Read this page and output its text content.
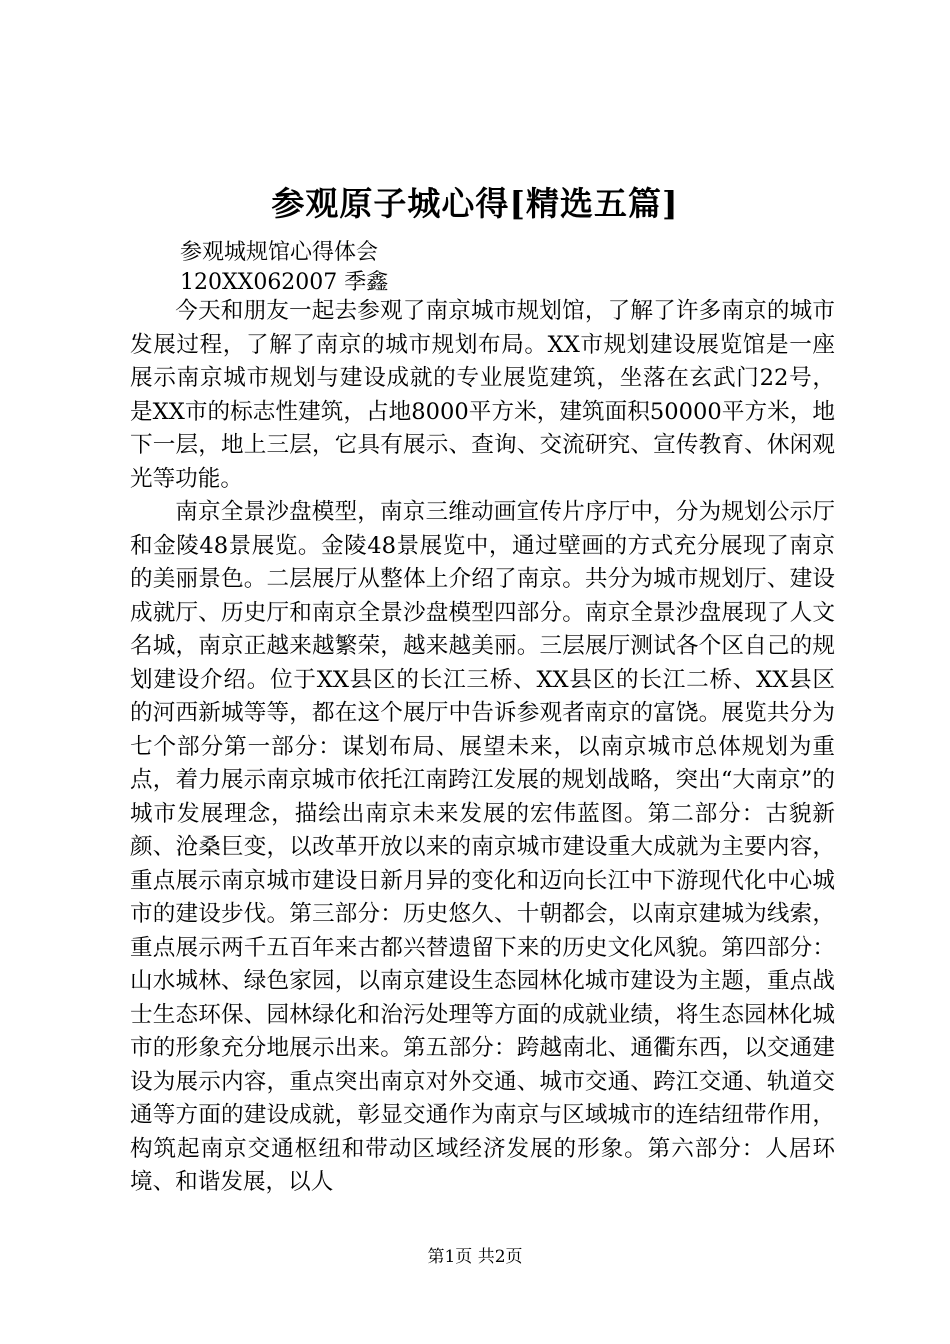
参观原子城心得[精选五篇]
参观城规馆心得体会
120XX062007 季鑫

今天和朋友一起去参观了南京城市规划馆，了解了许多南京的城市发展过程，了解了南京的城市规划布局。XX市规划建设展览馆是一座展示南京城市规划与建设成就的专业展览建筑，坐落在玄武门22号，是XX市的标志性建筑，占地8000平方米，建筑面积50000平方米，地下一层，地上三层，它具有展示、查询、交流研究、宣传教育、休闲观光等功能。

南京全景沙盘模型，南京三维动画宣传片序厅中，分为规划公示厅和金陵48景展览。金陵48景展览中，通过壁画的方式充分展现了南京的美丽景色。二层展厅从整体上介绍了南京。共分为城市规划厅、建设成就厅、历史厅和南京全景沙盘模型四部分。南京全景沙盘展现了人文名城，南京正越来越繁荣，越来越美丽。三层展厅测试各个区自己的规划建设介绍。位于XX县区的长江三桥、XX县区的长江二桥、XX县区的河西新城等等，都在这个展厅中告诉参观者南京的富饶。展览共分为七个部分第一部分：谋划布局、展望未来，以南京城市总体规划为重点，着力展示南京城市依托江南跨江发展的规划战略，突出“大南京”的城市发展理念，描绘出南京未来发展的宏伟蓝图。第二部分：古貌新颜、沧桑巨变，以改革开放以来的南京城市建设重大成就为主要内容，重点展示南京城市建设日新月异的变化和迈向长江中下游现代化中心城市的建设步伐。第三部分：历史悠久、十朝都会，以南京建城为线索，重点展示两千五百年来古都兴替遗留下来的历史文化风貌。第四部分：山水城林、绿色家园，以南京建设生态园林化城市建设为主题，重点战士生态环保、园林绿化和治污处理等方面的成就业绩，将生态园林化城市的形象充分地展示出来。第五部分：跨越南北、通衢东西，以交通建设为展示内容，重点突出南京对外交通、城市交通、跨江交通、轨道交通等方面的建设成就，彰显交通作为南京与区域城市的连结纽带作用，构筑起南京交通枢纽和带动区域经济发展的形象。第六部分：人居环境、和谐发展，以人

第1页 共2页
